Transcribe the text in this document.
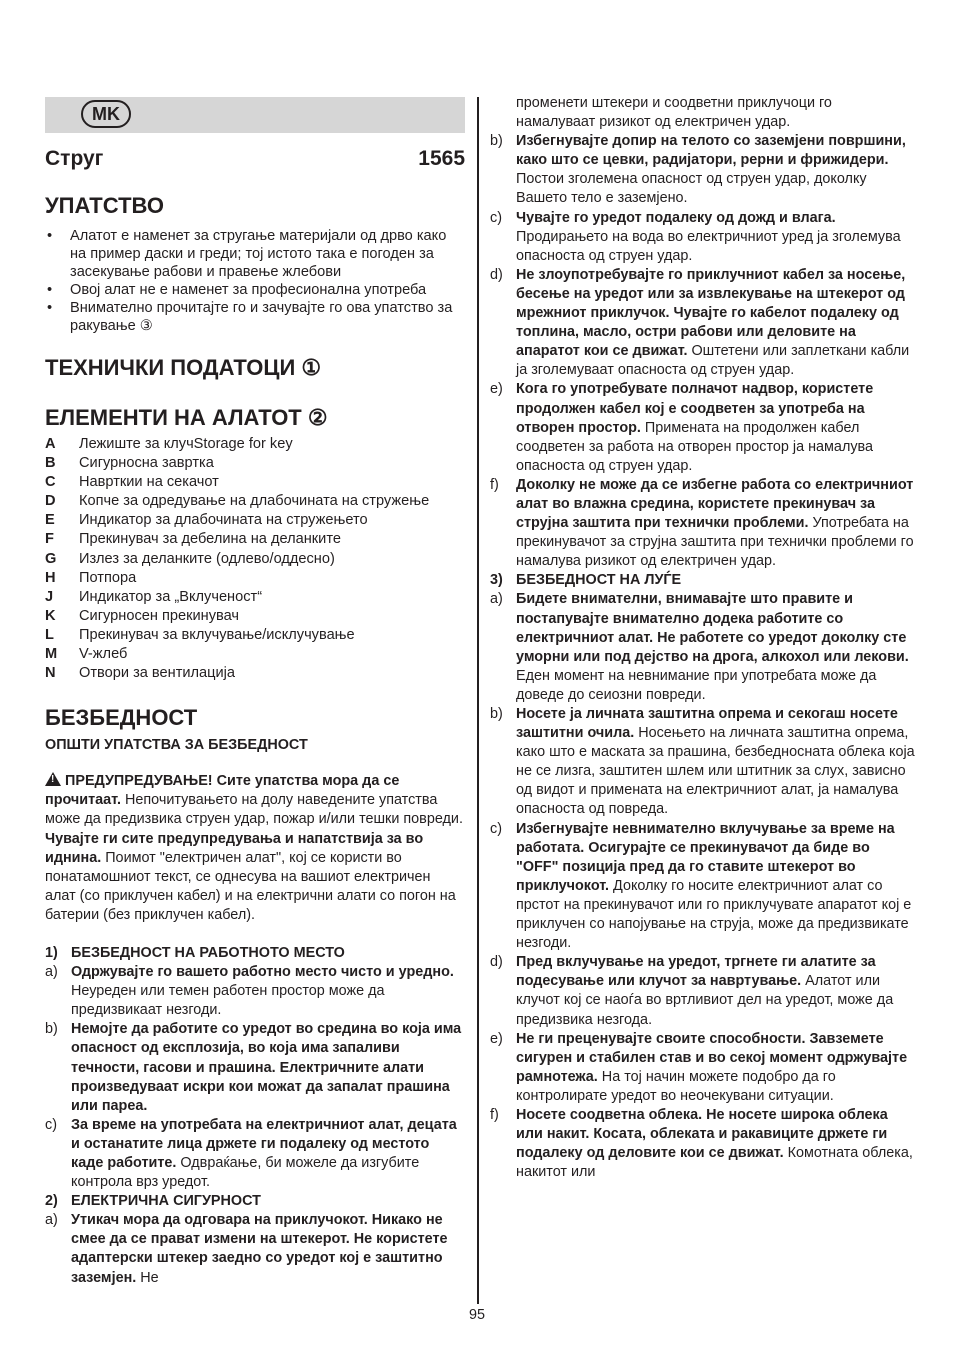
MK
Струг	1565
УПАТСТВО
• Алатот е наменет за стругање материјали од дрво како на пример даски и греди; тој истото така е погоден за засекување рабови и правење жлебови
• Овој алат не е наменет за професионална употреба
• Внимателно прочитајте го и зачувајте го ова упатство за ракување ③
ТЕХНИЧКИ ПОДАТОЦИ ①
ЕЛЕМЕНТИ НА АЛАТОТ ②
A	Лежиште за клучStorage for key
B	Сигурносна завртка
C	Наврткии на секачот
D	Копче за одредување на длабочината на стружење
E	Индикатор за длабочината на стружењето
F	Прекинувач за дебелина на деланките
G	Излез за деланките (одлево/оддесно)
H	Потпора
J	Индикатор за „Вклученост“
K	Сигурносен прекинувач
L	Прекинувач за вклучување/исклучување
M	V-жлеб
N	Отвори за вентилација
БЕЗБЕДНОСТ
ОПШТИ УПАТСТВА ЗА БЕЗБЕДНОСТ
!ПРЕДУПРЕДУВАЊЕ! Сите упатства мора да се прочитаат. Непочитувањето на долу наведените упатства може да предизвика струен удар, пожар и/или тешки повреди. Чувајте ги сите предупредувања и напатствија за во иднина. Поимот "електричен алат", кој се користи во понатамошниот текст, се однесува на вашиот електричен алат (со приклучен кабел) и на електрични алати со погон на батерии (без приклучен кабел).
1) БЕЗБЕДНОСТ НА РАБОТНОТО МЕСТО
a) Одржувајте го вашето работно место чисто и уредно. Неуреден или темен работен простор може да предизвикаат незгоди.
b) Немојте да работите со уредот во средина во која има опасност од експлозија, во која има запаливи течности, гасови и прашина. Електричните алати произведуваат искри кои можат да запалат прашина или пареа.
c) За време на употребата на електричниот алат, децата и останатите лица држете ги подалеку од местото каде работите. Одвраќање, би можеле да изгубите контрола врз уредот.
2) ЕЛЕКТРИЧНА СИГУРНОСТ
a) Утикач мора да одговара на приклучокот. Никако не смее да се прават измени на штекерот. Не користете адаптерски штекер заедно со уредот кој е заштитно заземјен. Не
променети штекери и соодветни приклучоци го намалуваат ризикот од електричен удар.
b) Избегнувајте допир на телото со заземјени површини, како што се цевки, радијатори, рерни и фрижидери. Постои зголемена опасност од струен удар, доколку Вашето тело е заземјено.
c) Чувајте го уредот подалеку од дожд и влага. Продирањето на вода во електричниот уред ја зголемува опасноста од струен удар.
d) Не злоупотребувајте го приклучниот кабел за носење, бесење на уредот или за извлекување на штекерот од мрежниот приклучок. Чувајте го кабелот подалеку од топлина, масло, остри рабови или деловите на апаратот кои се движат. Оштетени или заплеткани кабли ја зголемуваат опасноста од струен удар.
e) Кога го употребувате полначот надвор, користете продолжен кабел кој е соодветен за употреба на отворен простор. Примената на продолжен кабел соодветен за работа на отворен простор ја намалува опасноста од струен удар.
f)	Доколку не може да се избегне работа со електричниот алат во влажна средина, користете прекинувач за струјна заштита при технички проблеми. Употребата на прекинувачот за струјна заштита при технички проблеми го намалува ризикот од електричен удар.
3) БЕЗБЕДНОСТ НА ЛУЃЕ
a) Бидете внимателни, внимавајте што правите и постапувајте внимателно додека работите со електричниот алат. Не работете со уредот доколку сте уморни или под дејство на дрога, алкохол или лекови. Еден момент на невнимание при употребата може да доведе до сеиозни повреди.
b) Носете ја личната заштитна опрема и секогаш носете заштитни очила. Носењето на личната заштитна опрема, како што е маската за прашина, безбедносната облека која не се лизга, заштитен шлем или штитник за слух, зависно од видот и примената на електричниот алат, ја намалува опасноста од повреда.
c) Избегнувајте невнимателно вклучување за време на работата. Осигурајте се прекинувачот да биде во "OFF" позиција пред да го ставите штекерот во приклучокот. Доколку го носите електричниот алат со прстот на прекинувачот или го приклучувате апаратот кој е приклучен со напојување на струја, може да предизвикате незгоди.
d) Пред вклучување на уредот, тргнете ги алатите за подесување или клучот за навртување. Алатот или клучот кој се наоѓа во вртливиот дел на уредот, може да предизвика незгода.
e) Не ги преценувајте своите способности. Завземете сигурен и стабилен став и во секој момент одржувајте рамнотежа. На тој начин можете подобро да го контролирате уредот во неочекувани ситуации.
f)	Носете соодветна облека. Не носете широка облека или накит. Косата, облеката и ракавиците држете ги подалеку од деловите кои се движат. Комотната облека, накитот или
95
